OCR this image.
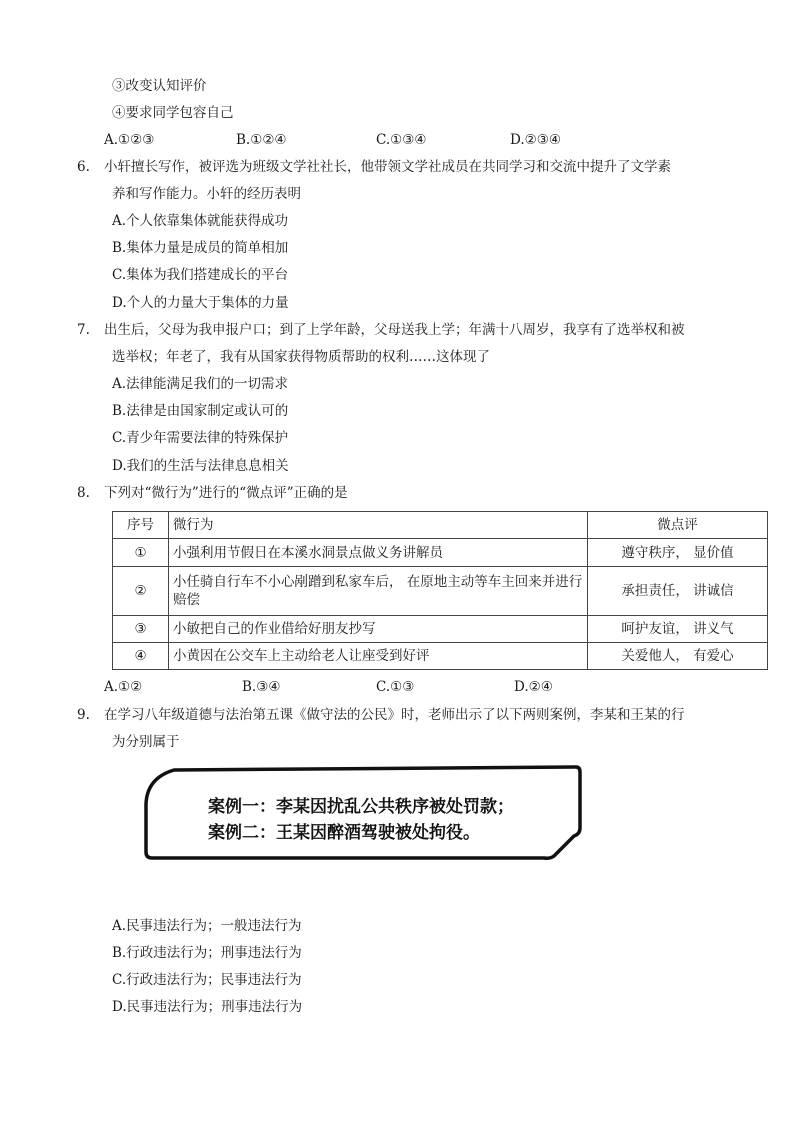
③改变认知评价
④要求同学包容自己
A.①②③	B.①②④	C.①③④	D.②③④
6. 小轩擅长写作，被评选为班级文学社社长，他带领文学社成员在共同学习和交流中提升了文学素
养和写作能力。小轩的经历表明
A.个人依靠集体就能获得成功
B.集体力量是成员的简单相加
C.集体为我们搭建成长的平台
D.个人的力量大于集体的力量
7. 出生后，父母为我申报户口；到了上学年龄，父母送我上学；年满十八周岁，我享有了选举权和被
选举权；年老了，我有从国家获得物质帮助的权利……这体现了
A.法律能满足我们的一切需求
B.法律是由国家制定或认可的
C.青少年需要法律的特殊保护
D.我们的生活与法律息息相关
8. 下列对“微行为”进行的“微点评”正确的是
序号	微行为	微点评
①	小强利用节假日在本溪水洞景点做义务讲解员	遵守秩序， 显价值
②	小任骑自行车不小心剐蹭到私家车后， 在原地主动等车主回来并进行赔偿	承担责任， 讲诚信
③	小敏把自己的作业借给好朋友抄写	呵护友谊， 讲义气
④	小黄因在公交车上主动给老人让座受到好评	关爱他人， 有爱心
A.①②	B.③④	C.①③	D.②④
9. 在学习八年级道德与法治第五课《做守法的公民》时，老师出示了以下两则案例，李某和王某的行
为分别属于
案例一：李某因扰乱公共秩序被处罚款；
案例二：王某因醉酒驾驶被处拘役。
A.民事违法行为；一般违法行为
B.行政违法行为；刑事违法行为
C.行政违法行为；民事违法行为
D.民事违法行为；刑事违法行为
